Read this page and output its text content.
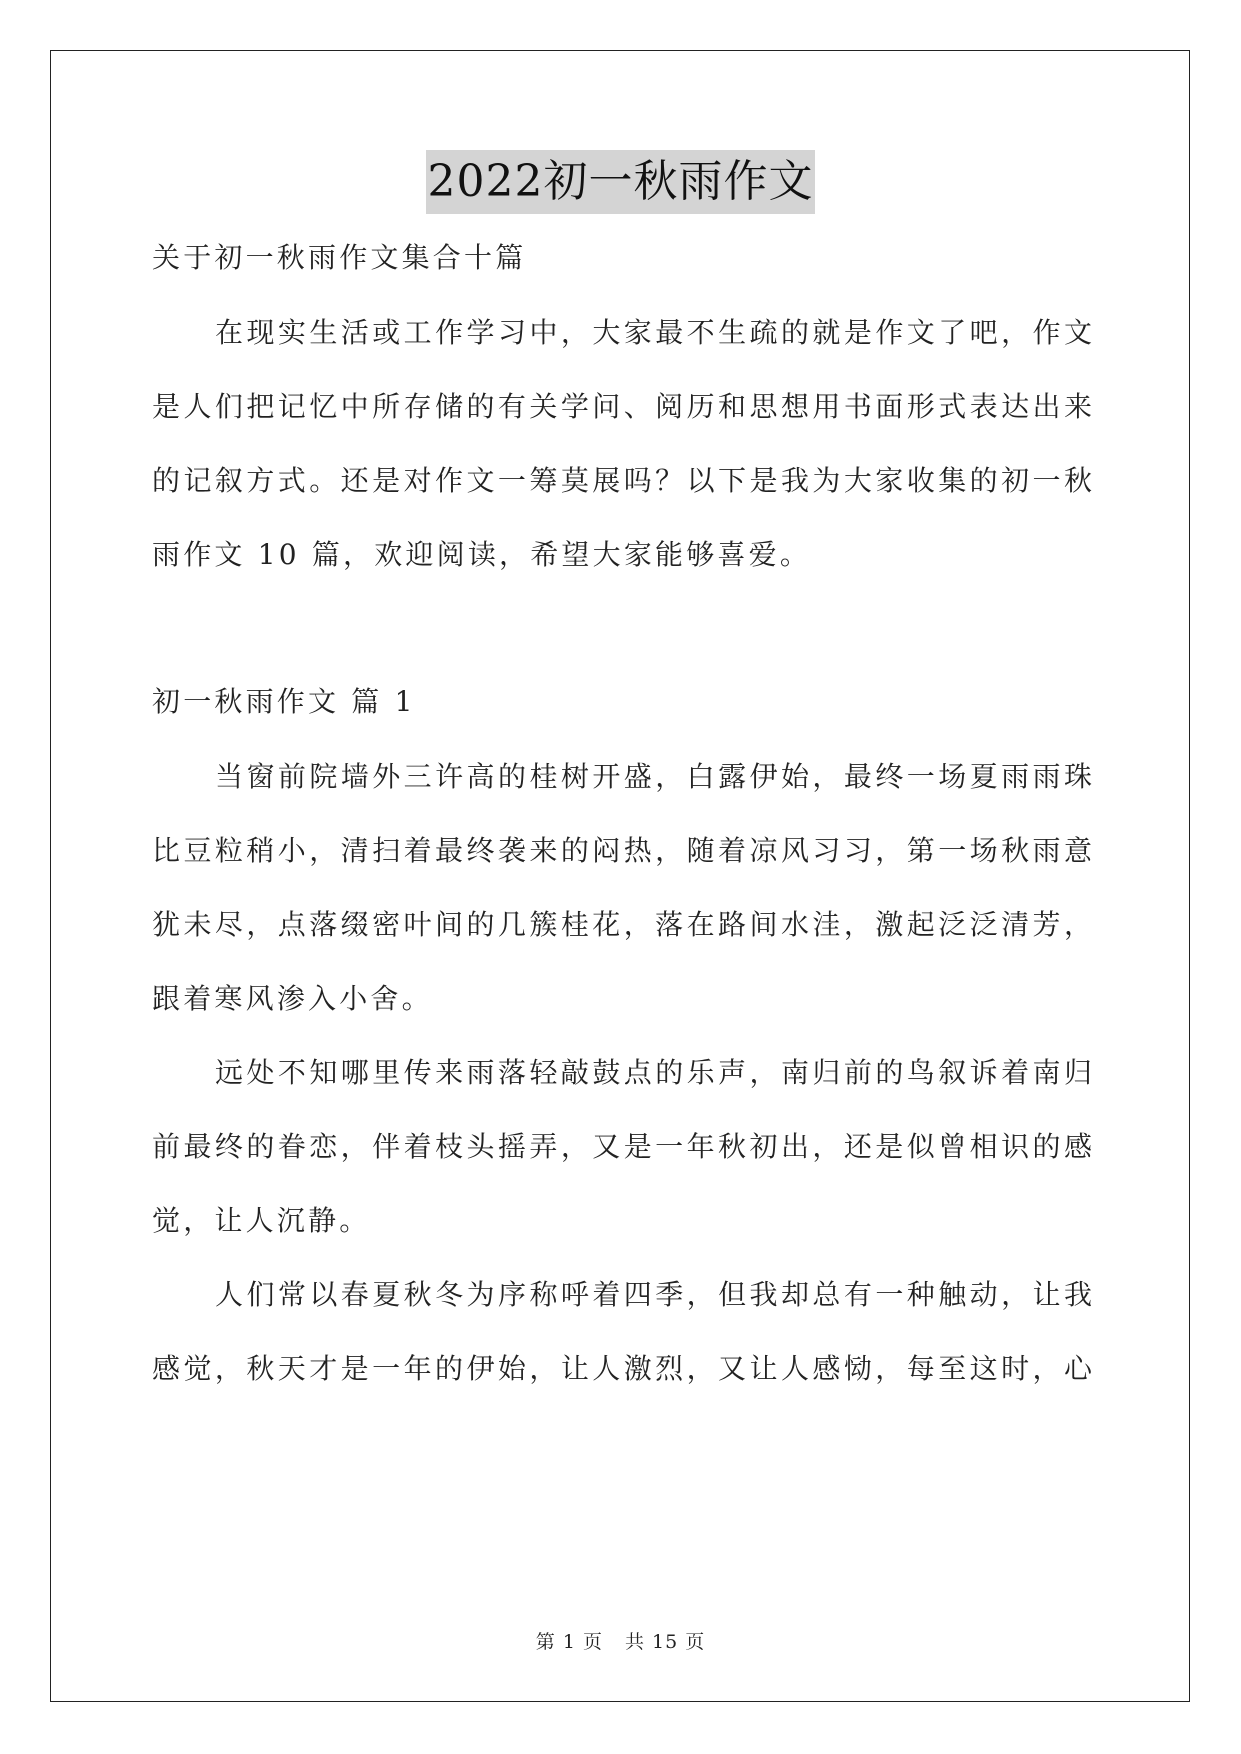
2022初一秋雨作文
关于初一秋雨作文集合十篇
在现实生活或工作学习中，大家最不生疏的就是作文了吧，作文
是人们把记忆中所存储的有关学问、阅历和思想用书面形式表达出来
的记叙方式。还是对作文一筹莫展吗？以下是我为大家收集的初一秋
雨作文 10 篇，欢迎阅读，希望大家能够喜爱。
初一秋雨作文 篇 1
当窗前院墙外三许高的桂树开盛，白露伊始，最终一场夏雨雨珠
比豆粒稍小，清扫着最终袭来的闷热，随着凉风习习，第一场秋雨意
犹未尽，点落缀密叶间的几簇桂花，落在路间水洼，激起泛泛清芳，
跟着寒风渗入小舍。
远处不知哪里传来雨落轻敲鼓点的乐声，南归前的鸟叙诉着南归
前最终的眷恋，伴着枝头摇弄，又是一年秋初出，还是似曾相识的感
觉，让人沉静。
人们常以春夏秋冬为序称呼着四季，但我却总有一种触动，让我
感觉，秋天才是一年的伊始，让人激烈，又让人感恸，每至这时，心
第 1 页 共 15 页
